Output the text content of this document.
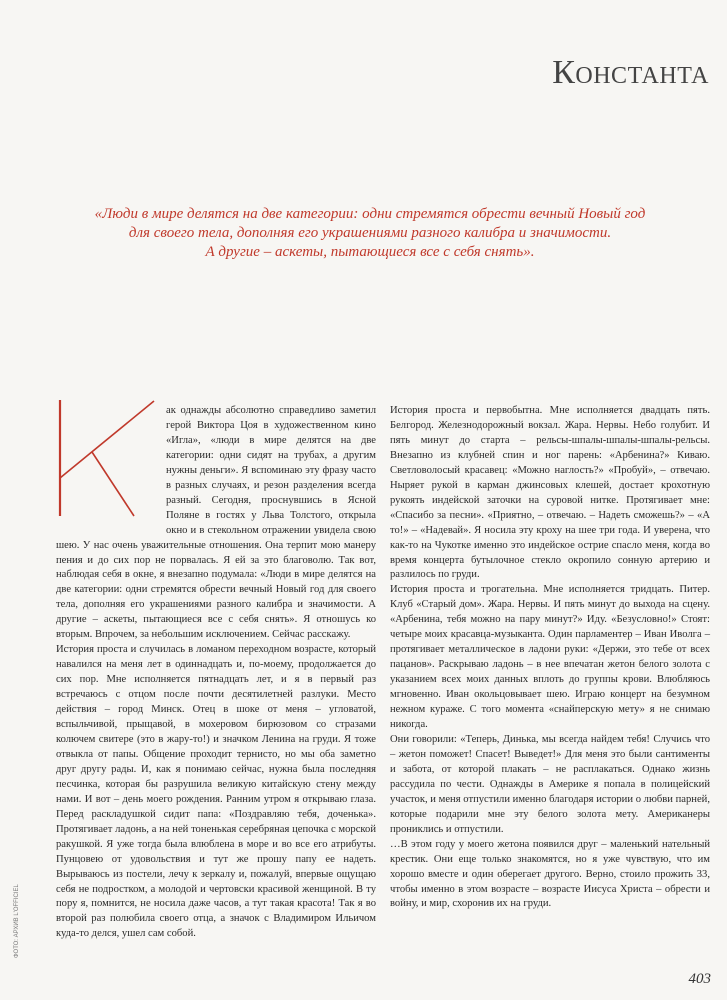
Константа

«Люди в мире делятся на две категории: одни стремятся обрести вечный Новый год

для своего тела, дополняя его украшениями разного калибра и значимости.

А другие – аскеты, пытающиеся все с себя снять».

ак однажды абсолютно справедливо заметил герой Виктора Цоя в художественном кино «Игла», «люди в мире делятся на две категории: одни сидят на трубах, а другим нужны деньги». Я вспоминаю эту фразу часто в разных случаях, и резон разделения всегда разный. Сегодня, проснувшись в Ясной Поляне в гостях у Льва Толстого, открыла окно и в стекольном отражении увидела свою шею. У нас очень уважительные отношения. Она терпит мою манеру пения и до сих пор не порвалась. Я ей за это благоволю. Так вот, наблюдая себя в окне, я внезапно подумала: «Люди в мире делятся на две категории: одни стремятся обрести вечный Новый год для своего тела, дополняя его украшениями разного калибра и значимости. А другие – аскеты, пытающиеся все с себя снять». Я отношусь ко вторым. Впрочем, за небольшим исключением. Сейчас расскажу.

История проста и случилась в ломаном переходном возрасте, который навалился на меня лет в одиннадцать и, по-моему, продолжается до сих пор. Мне исполняется пятнадцать лет, и я в первый раз встречаюсь с отцом после почти десятилетней разлуки. Место действия – город Минск. Отец в шоке от меня – угловатой, вспыльчивой, прыщавой, в мохеровом бирюзовом со стразами колючем свитере (это в жару-то!) и значком Ленина на груди. Я тоже отвыкла от папы. Общение проходит тернисто, но мы оба заметно друг другу рады. И, как я понимаю сейчас, нужна была последняя песчинка, которая бы разрушила великую китайскую стену между нами. И вот – день моего рождения. Ранним утром я открываю глаза. Перед раскладушкой сидит папа: «Поздравляю тебя, доченька». Протягивает ладонь, а на ней тоненькая серебряная цепочка с морской ракушкой. Я уже тогда была влюблена в море и во все его атрибуты. Пунцовею от удовольствия и тут же прошу папу ее надеть. Вырываюсь из постели, лечу к зеркалу и, пожалуй, впервые ощущаю себя не подростком, а молодой и чертовски красивой женщиной. В ту пору я, помнится, не носила даже часов, а тут такая красота! Так я во второй раз полюбила своего отца, а значок с Владимиром Ильичом куда-то делся, ушел сам собой.

История проста и первобытна. Мне исполняется двадцать пять. Белгород. Железнодорожный вокзал. Жара. Нервы. Небо голубит. И пять минут до старта – рельсы-шпалы-шпалы-шпалы-рельсы. Внезапно из клубней спин и ног парень: «Арбенина?» Киваю. Светловолосый красавец: «Можно наглость?» «Пробуй», – отвечаю. Ныряет рукой в карман джинсовых клешей, достает крохотную рукоять индейской заточки на суровой нитке. Протягивает мне: «Спасибо за песни». «Приятно, – отвечаю. – Надеть сможешь?» – «А то!» – «Надевай». Я носила эту кроху на шее три года. И уверена, что как-то на Чукотке именно это индейское острие спасло меня, когда во время концерта бутылочное стекло окропило сонную артерию и разлилось по груди.

История проста и трогательна. Мне исполняется тридцать. Питер. Клуб «Старый дом». Жара. Нервы. И пять минут до выхода на сцену. «Арбенина, тебя можно на пару минут?» Иду. «Безусловно!» Стоят: четыре моих красавца-музыканта. Один парламентер – Иван Иволга – протягивает металлическое в ладони руки: «Держи, это тебе от всех пацанов». Раскрываю ладонь – в нее впечатан жетон белого золота с указанием всех моих данных вплоть до группы крови. Влюбляюсь мгновенно. Иван окольцовывает шею. Играю концерт на безумном нежном кураже. С того момента «снайперскую мету» я не снимаю никогда.

Они говорили: «Теперь, Динька, мы всегда найдем тебя! Случись что – жетон поможет! Спасет! Выведет!» Для меня это были сантименты и забота, от которой плакать – не расплакаться. Однако жизнь рассудила по чести. Однажды в Америке я попала в полицейский участок, и меня отпустили именно благодаря истории о любви парней, которые подарили мне эту белого золота мету. Американеры прониклись и отпустили.

…В этом году у моего жетона появился друг – маленький нательный крестик. Они еще только знакомятся, но я уже чувствую, что им хорошо вместе и один оберегает другого. Верно, стоило прожить 33, чтобы именно в этом возрасте – возрасте Иисуса Христа – обрести и войну, и мир, схоронив их на груди.

ФОТО: АРХИВ L'OFFICIEL
403
